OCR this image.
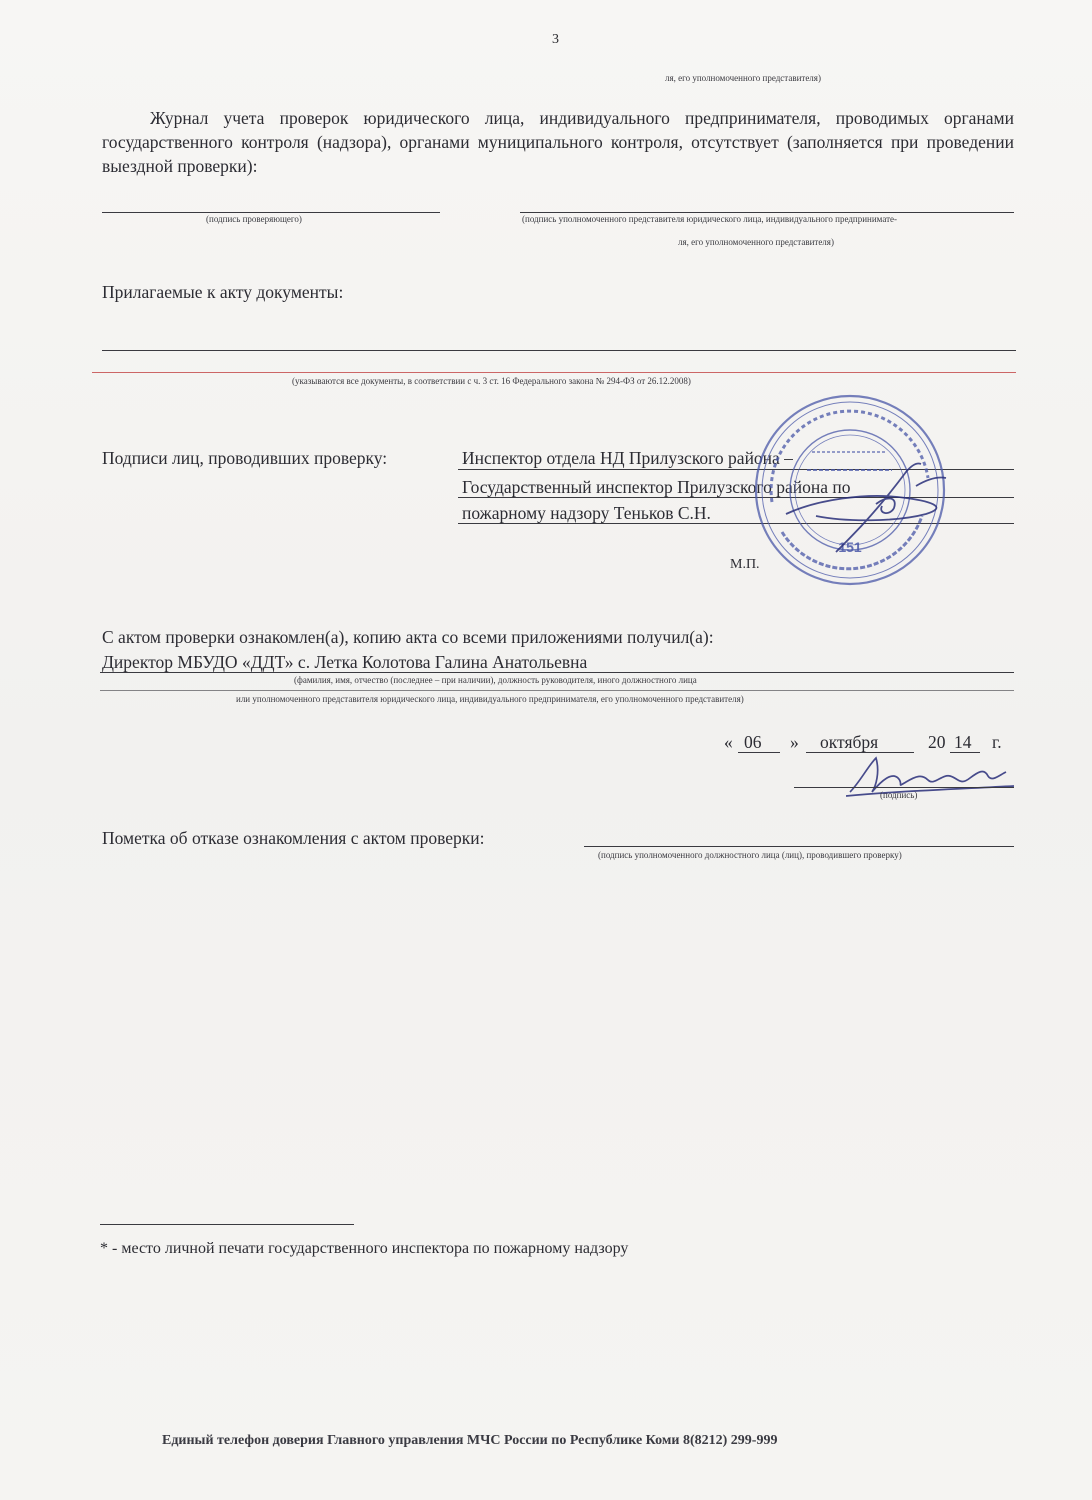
3
ля, его уполномоченного представителя)
Журнал учета проверок юридического лица, индивидуального предпринимателя, проводимых органами государственного контроля (надзора), органами муниципального контроля, отсутствует (заполняется при проведении выездной проверки):
(подпись проверяющего)	(подпись уполномоченного представителя юридического лица, индивидуального предпринимате-
ля, его уполномоченного представителя)
Прилагаемые к акту документы:
(указываются все документы, в соответствии с ч. 3 ст. 16 Федерального закона № 294-ФЗ от 26.12.2008)
Подписи лиц, проводивших проверку:	Инспектор отдела НД Прилузского района –
Государственный инспектор Прилузского района по
пожарному надзору Теньков С.Н.
М.П.
151
С актом проверки ознакомлен(а), копию акта со всеми приложениями получил(а):
Директор МБУДО «ДДТ» с. Летка Колотова Галина Анатольевна
(фамилия, имя, отчество (последнее – при наличии), должность руководителя, иного должностного лица
или уполномоченного представителя юридического лица, индивидуального предпринимателя, его уполномоченного представителя)
« 06 » октября	20 14 г.
(подпись)
Пометка об отказе ознакомления с актом проверки:
(подпись уполномоченного должностного лица (лиц), проводившего проверку)
* - место личной печати государственного инспектора по пожарному надзору
Единый телефон доверия Главного управления МЧС России по Республике Коми 8(8212) 299-999
